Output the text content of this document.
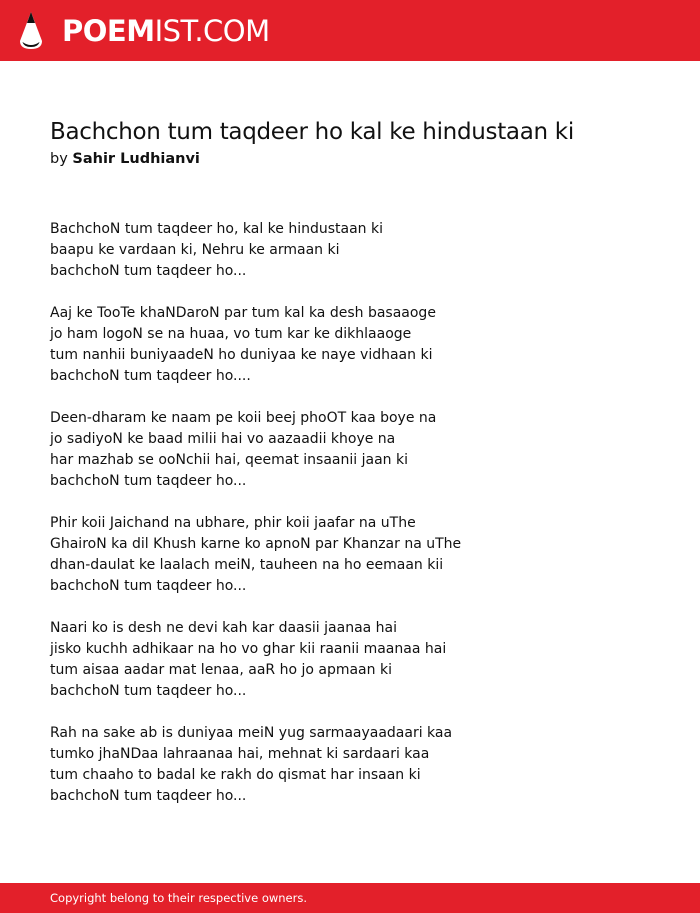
POEMIST.COM
Bachchon tum taqdeer ho kal ke hindustaan ki
by Sahir Ludhianvi
BachchoN tum taqdeer ho, kal ke hindustaan ki
baapu ke vardaan ki, Nehru ke armaan ki
bachchoN tum taqdeer ho...
Aaj ke TooTe khaNDaroN par tum kal ka desh basaaoge
jo ham logoN se na huaa, vo tum kar ke dikhlaaoge
tum nanhii buniyaadeN ho duniyaa ke naye vidhaan ki
bachchoN tum taqdeer ho....
Deen-dharam ke naam pe koii beej phoOT kaa boye na
jo sadiyoN ke baad milii hai vo aazaadii khoye na
har mazhab se ooNchii hai, qeemat insaanii jaan ki
bachchoN tum taqdeer ho...
Phir koii Jaichand na ubhare, phir koii jaafar na uThe
GhairoN ka dil Khush karne ko apnoN par Khanzar na uThe
dhan-daulat ke laalach meiN, tauheen na ho eemaan kii
bachchoN tum taqdeer ho...
Naari ko is desh ne devi kah kar daasii jaanaa hai
jisko kuchh adhikaar na ho vo ghar kii raanii maanaa hai
tum aisaa aadar mat lenaa, aaR ho jo apmaan ki
bachchoN tum taqdeer ho...
Rah na sake ab is duniyaa meiN yug sarmaayaadaari kaa
tumko jhaNDaa lahraanaa hai, mehnat ki sardaari kaa
tum chaaho to badal ke rakh do qismat har insaan ki
bachchoN tum taqdeer ho...
Copyright belong to their respective owners.
